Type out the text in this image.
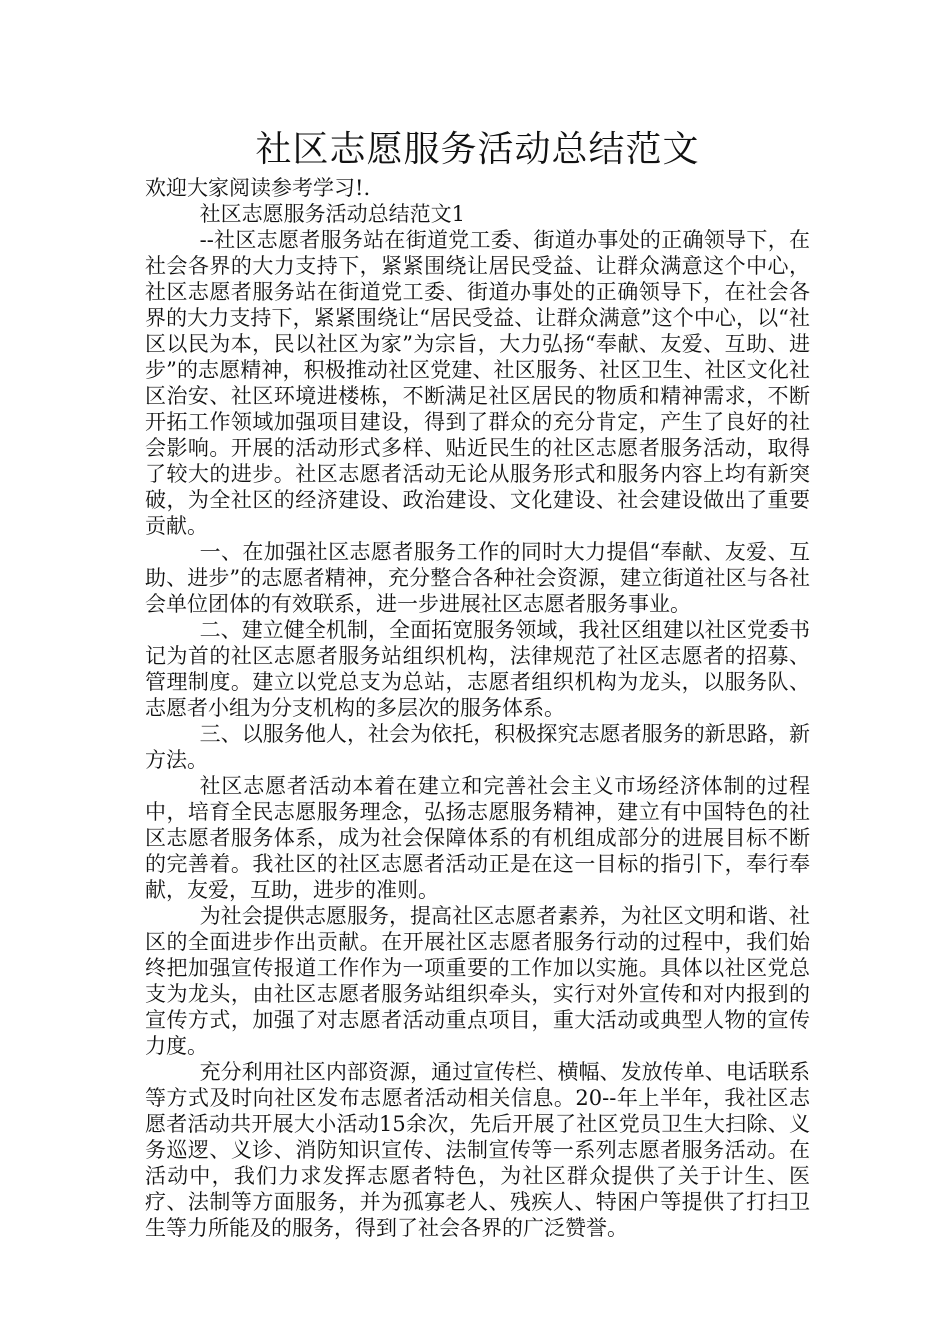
社区志愿服务活动总结范文

欢迎大家阅读参考学习!.

社区志愿服务活动总结范文1

--社区志愿者服务站在街道党工委、街道办事处的正确领导下，在社会各界的大力支持下，紧紧围绕让居民受益、让群众满意这个中心，社区志愿者服务站在街道党工委、街道办事处的正确领导下，在社会各界的大力支持下，紧紧围绕让“居民受益、让群众满意”这个中心，以“社区以民为本，民以社区为家”为宗旨，大力弘扬“奉献、友爱、互助、进步”的志愿精神，积极推动社区党建、社区服务、社区卫生、社区文化社区治安、社区环境进楼栋，不断满足社区居民的物质和精神需求，不断开拓工作领域加强项目建设，得到了群众的充分肯定，产生了良好的社会影响。开展的活动形式多样、贴近民生的社区志愿者服务活动，取得了较大的进步。社区志愿者活动无论从服务形式和服务内容上均有新突破，为全社区的经济建设、政治建设、文化建设、社会建设做出了重要贡献。

一、在加强社区志愿者服务工作的同时大力提倡“奉献、友爱、互助、进步”的志愿者精神，充分整合各种社会资源，建立街道社区与各社会单位团体的有效联系，进一步进展社区志愿者服务事业。

二、建立健全机制，全面拓宽服务领域，我社区组建以社区党委书记为首的社区志愿者服务站组织机构，法律规范了社区志愿者的招募、管理制度。建立以党总支为总站，志愿者组织机构为龙头，以服务队、志愿者小组为分支机构的多层次的服务体系。

三、以服务他人，社会为依托，积极探究志愿者服务的新思路，新方法。

社区志愿者活动本着在建立和完善社会主义市场经济体制的过程中，培育全民志愿服务理念，弘扬志愿服务精神，建立有中国特色的社区志愿者服务体系，成为社会保障体系的有机组成部分的进展目标不断的完善着。我社区的社区志愿者活动正是在这一目标的指引下，奉行奉献，友爱，互助，进步的准则。

为社会提供志愿服务，提高社区志愿者素养，为社区文明和谐、社区的全面进步作出贡献。在开展社区志愿者服务行动的过程中，我们始终把加强宣传报道工作作为一项重要的工作加以实施。具体以社区党总支为龙头，由社区志愿者服务站组织牵头，实行对外宣传和对内报到的宣传方式，加强了对志愿者活动重点项目，重大活动或典型人物的宣传力度。

充分利用社区内部资源，通过宣传栏、横幅、发放传单、电话联系等方式及时向社区发布志愿者活动相关信息。20--年上半年，我社区志愿者活动共开展大小活动15余次，先后开展了社区党员卫生大扫除、义务巡逻、义诊、消防知识宣传、法制宣传等一系列志愿者服务活动。在活动中，我们力求发挥志愿者特色，为社区群众提供了关于计生、医疗、法制等方面服务，并为孤寡老人、残疾人、特困户等提供了打扫卫生等力所能及的服务，得到了社会各界的广泛赞誉。
